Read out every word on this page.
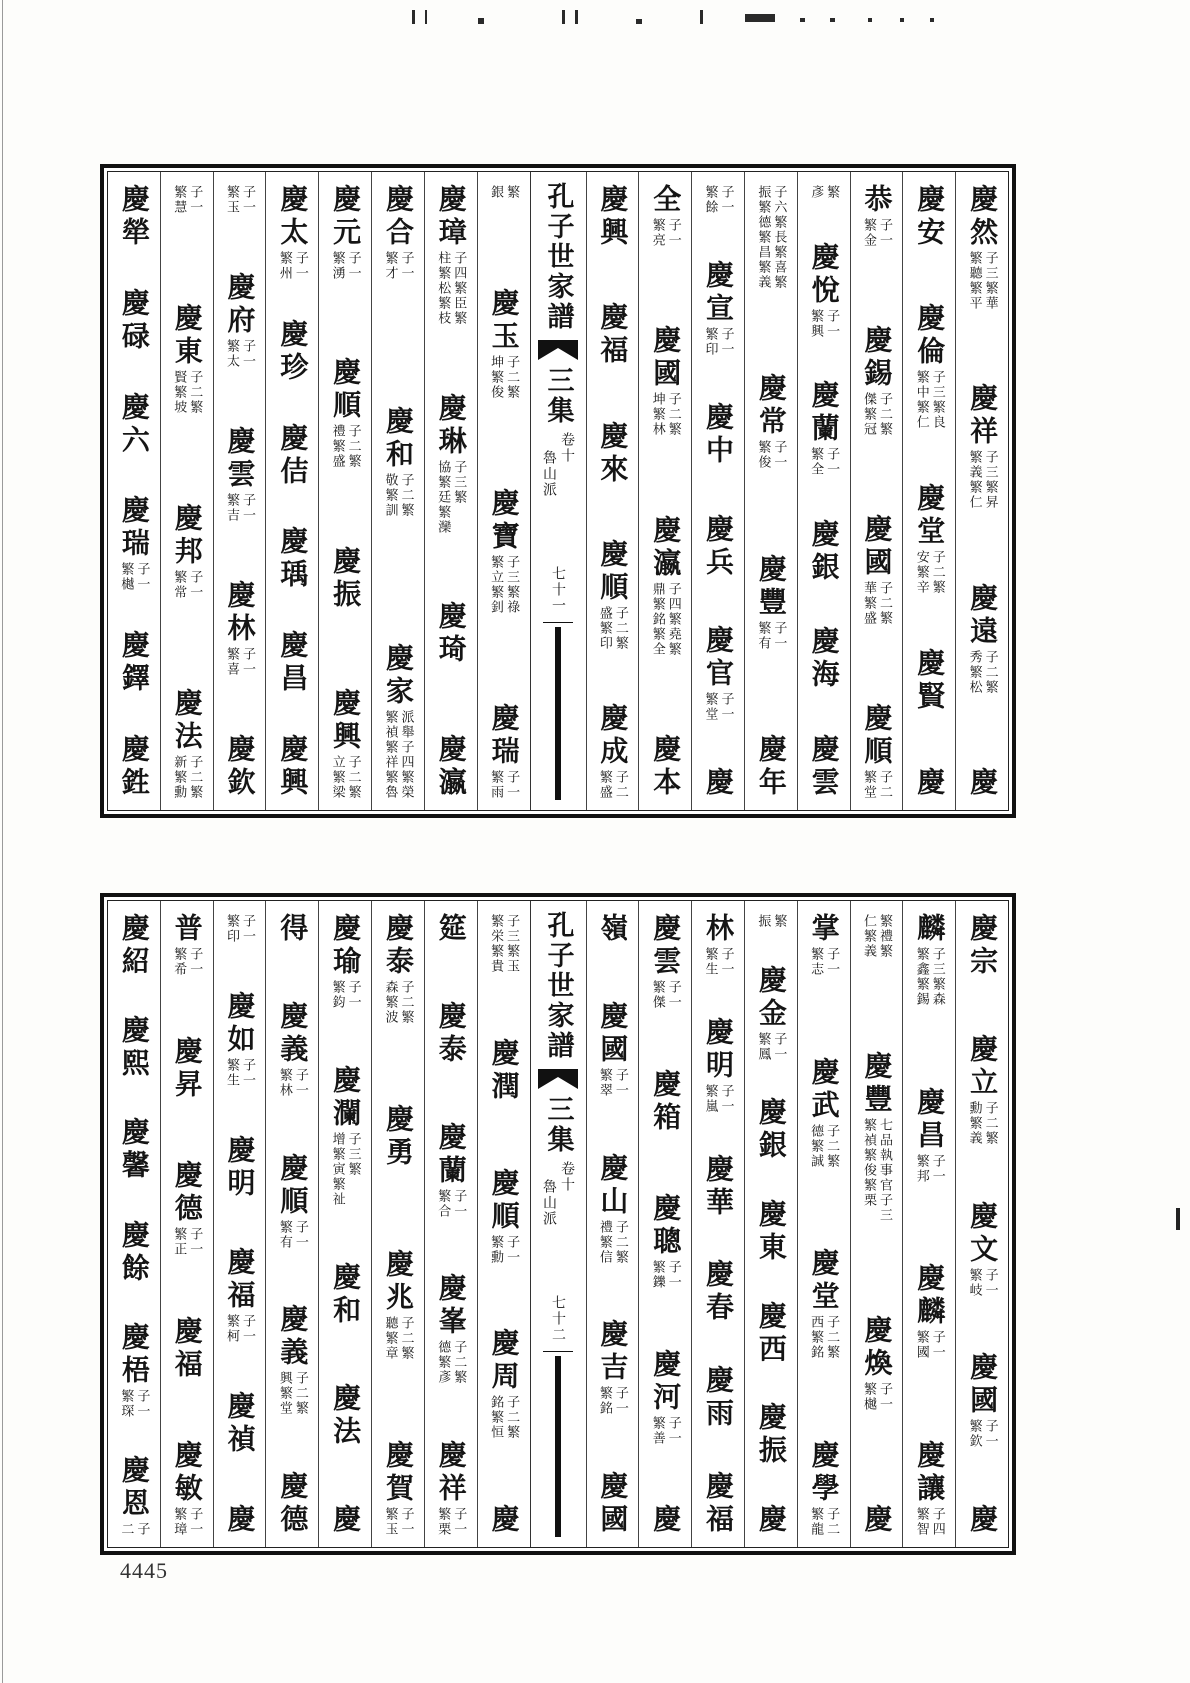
慶然
子三繁華
繁聽繁平
慶祥
子三繁昇
繁義繁仁
慶遠
子二繁
秀繁松
慶
慶安
慶倫
子三繁良
繁中繁仁
慶堂
子二繁
安繁辛
慶賢
慶
恭
子一
繁金
慶錫
子二繁
傑繁冠
慶國
子二繁
華繁盛
慶順
子二
繁堂
繁
彥
慶悅
子一
繁興
慶蘭
子一
繁全
慶銀
慶海
慶雲
子六繁長繁喜繁
振繁德繁昌繁義
慶常
子一
繁俊
慶豐
子一
繁有
慶年
子一
繁餘
慶宣
子一
繁印
慶中
慶兵
慶官
子一
繁堂
慶
全
子一
繁亮
慶國
子二繁
坤繁林
慶瀛
子四繁堯繁
鼎繁銘繁全
慶本
慶興
慶福
慶來
慶順
子二繁
盛繁印
慶成
子二
繁盛
孔子世家譜
三集
卷十
魯山派
七十一
繁
銀
慶玉
子二繁
坤繁俊
慶寶
子三繁祿
繁立繁釗
慶瑞
子一
繁雨
慶璋
子四繁臣繁
柱繁松繁枝
慶琳
子三繁
協繁廷繁灤
慶琦
慶瀛
慶合
子一
繁才
慶和
子二繁
敬繁訓
慶家
派舉子四繁榮
繁禎繁祥繁魯
慶元
子一
繁湧
慶順
子二繁
禮繁盛
慶振
慶興
子二繁
立繁梁
慶太
子一
繁州
慶珍
慶佶
慶瑀
慶昌
慶興
子一
繁玉
慶府
子一
繁太
慶雲
子一
繁吉
慶林
子一
繁喜
慶欽
子一
繁慧
慶東
子二繁
賢繁坡
慶邦
子一
繁常
慶法
子二繁
新繁勳
慶犖
慶碌
慶六
慶瑞
子一
繁樾
慶鐸
慶鉎
慶宗
慶立
子二繁
勳繁義
慶文
子一
繁岐
慶國
子一
繁欽
慶
麟
子三繁森
繁鑫繁錫
慶昌
子一
繁邦
慶麟
子一
繁國
慶讓
子四
繁智
繁禮繁
仁繁義
慶豐
七品執事官子三
繁禎繁俊繁栗
慶煥
子一
繁樾
慶
掌
子一
繁志
慶武
子二繁
德繁誠
慶堂
子二繁
西繁銘
慶學
子二
繁龍
繁
振
慶金
子一
繁鳳
慶銀
慶東
慶西
慶振
慶
林
子一
繁生
慶明
子一
繁嵐
慶華
慶春
慶雨
慶福
慶雲
子一
繁傑
慶箱
慶聰
子一
繁鑠
慶河
子一
繁善
慶
嶺
慶國
子一
繁翠
慶山
子二繁
禮繁信
慶吉
子一
繁銘
慶國
孔子世家譜
三集
卷十
魯山派
七十二
子三繁玉
繁栄繁貴
慶潤
慶順
子一
繁勳
慶周
子二繁
銘繁恒
慶
筵
慶泰
慶蘭
子一
繁合
慶峯
子二繁
德繁彥
慶祥
子一
繁栗
慶泰
子二繁
森繁波
慶勇
慶兆
子二繁
聽繁章
慶賀
子一
繁玉
慶瑜
子一
繁鈞
慶瀾
子三繁
增繁寅繁祉
慶和
慶法
慶
得
慶義
子一
繁林
慶順
子一
繁有
慶義
子二繁
興繁堂
慶德
子一
繁印
慶如
子一
繁生
慶明
慶福
子一
繁柯
慶禎
慶
普
子一
繁希
慶昇
慶德
子一
繁正
慶福
慶敏
子一
繁璋
慶紹
慶熙
慶馨
慶餘
慶梧
子一
繁琛
慶恩
子
二
4445
